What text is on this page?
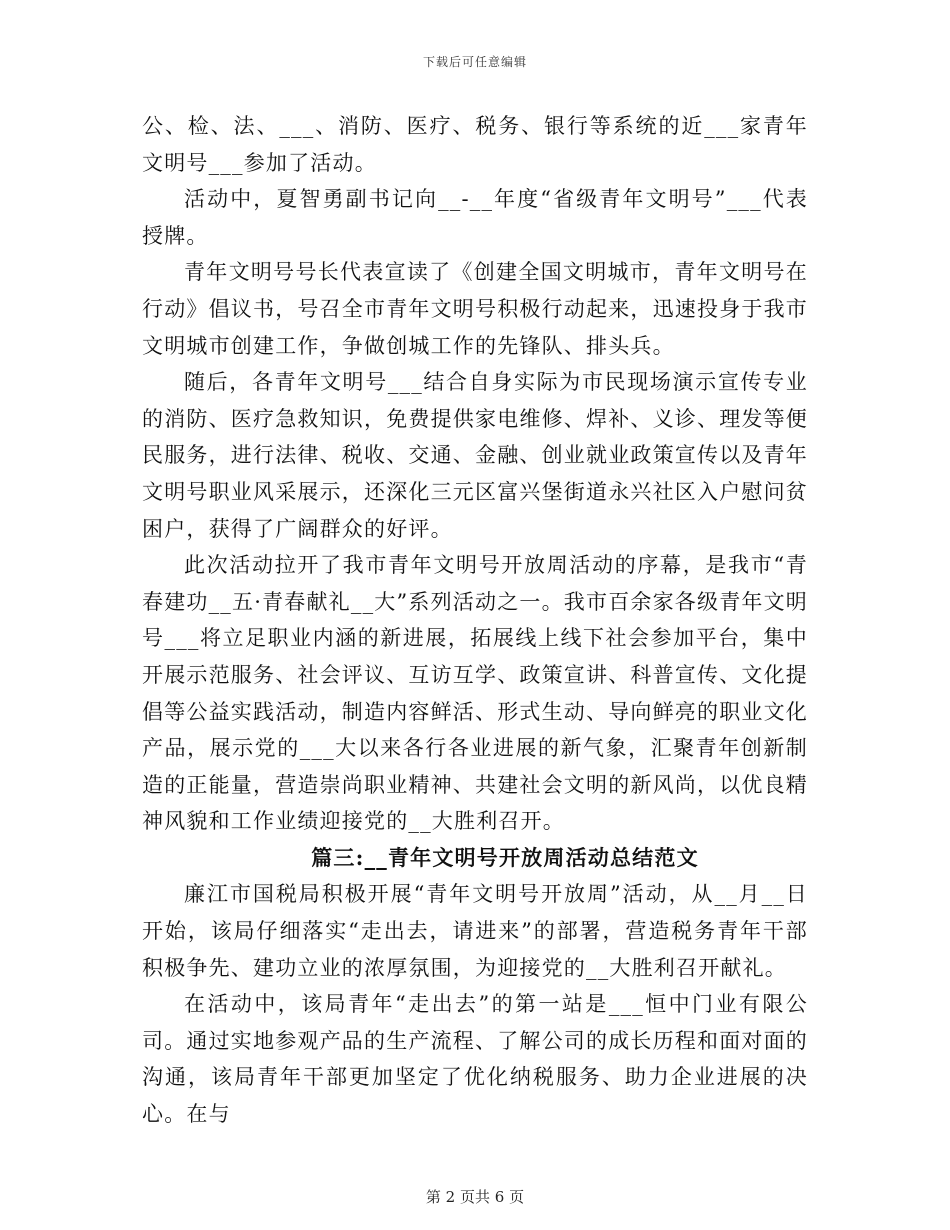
下载后可任意编辑

公、检、法、___、消防、医疗、税务、银行等系统的近___家青年文明号___参加了活动。

活动中，夏智勇副书记向__-__年度“省级青年文明号”___代表授牌。

青年文明号号长代表宣读了《创建全国文明城市，青年文明号在行动》倡议书，号召全市青年文明号积极行动起来，迅速投身于我市文明城市创建工作，争做创城工作的先锋队、排头兵。

随后，各青年文明号___结合自身实际为市民现场演示宣传专业的消防、医疗急救知识，免费提供家电维修、焊补、义诊、理发等便民服务，进行法律、税收、交通、金融、创业就业政策宣传以及青年文明号职业风采展示，还深化三元区富兴堡街道永兴社区入户慰问贫困户，获得了广阔群众的好评。

此次活动拉开了我市青年文明号开放周活动的序幕，是我市“青春建功__五·青春献礼__大”系列活动之一。我市百余家各级青年文明号___将立足职业内涵的新进展，拓展线上线下社会参加平台，集中开展示范服务、社会评议、互访互学、政策宣讲、科普宣传、文化提倡等公益实践活动，制造内容鲜活、形式生动、导向鲜亮的职业文化产品，展示党的___大以来各行各业进展的新气象，汇聚青年创新制造的正能量，营造崇尚职业精神、共建社会文明的新风尚，以优良精神风貌和工作业绩迎接党的__大胜利召开。

篇三:__青年文明号开放周活动总结范文

廉江市国税局积极开展“青年文明号开放周”活动，从__月__日开始，该局仔细落实“走出去，请进来”的部署，营造税务青年干部积极争先、建功立业的浓厚氛围，为迎接党的__大胜利召开献礼。

在活动中，该局青年“走出去”的第一站是___恒中门业有限公司。通过实地参观产品的生产流程、了解公司的成长历程和面对面的沟通，该局青年干部更加坚定了优化纳税服务、助力企业进展的决心。在与

第 2 页共 6 页
